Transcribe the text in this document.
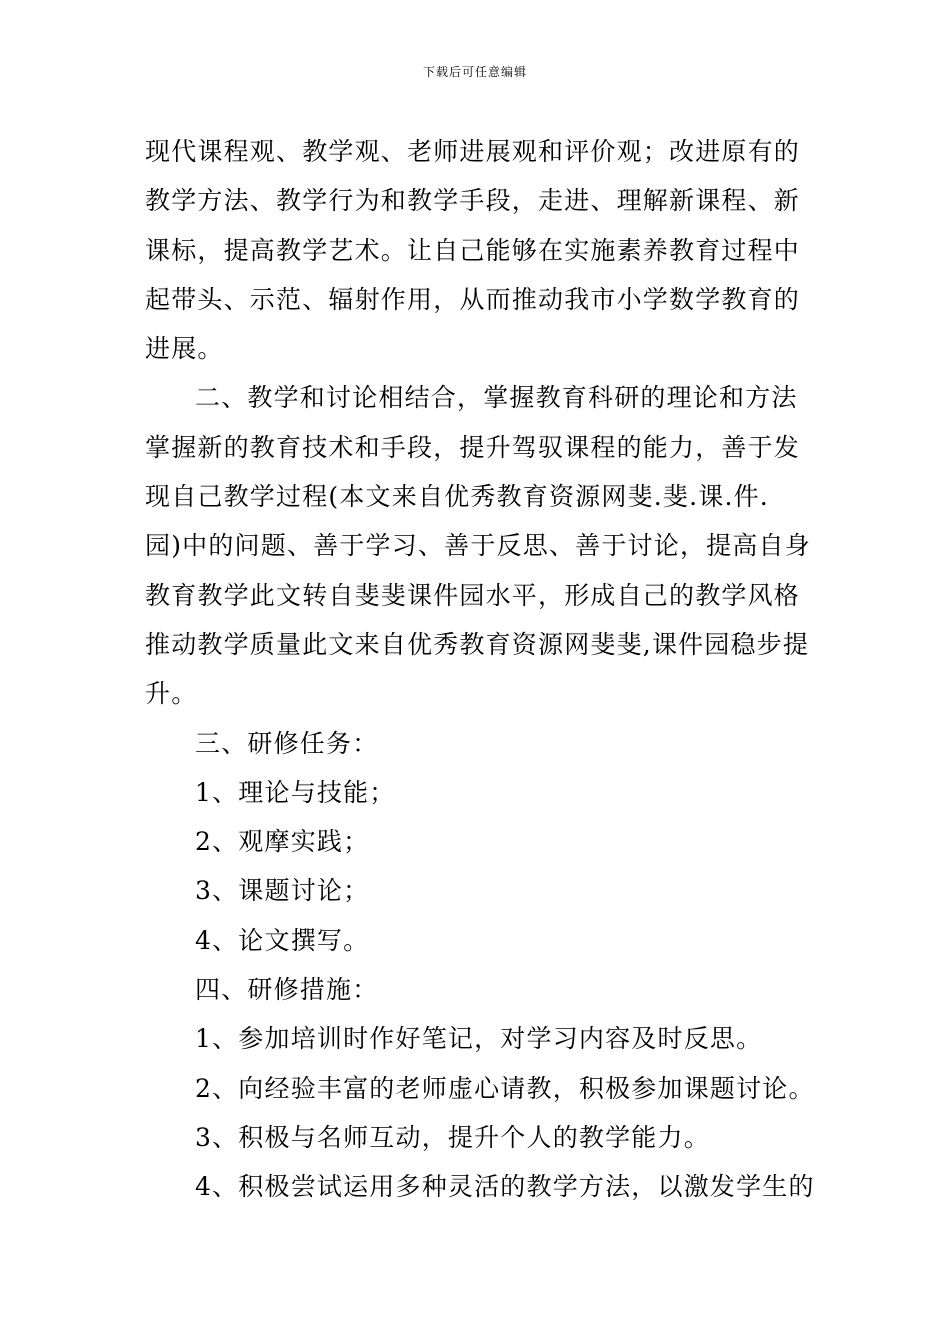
下载后可任意编辑
现代课程观、教学观、老师进展观和评价观；改进原有的
教学方法、教学行为和教学手段，走进、理解新课程、新
课标，提高教学艺术。让自己能够在实施素养教育过程中
起带头、示范、辐射作用，从而推动我市小学数学教育的
进展。
二、教学和讨论相结合，掌握教育科研的理论和方法
掌握新的教育技术和手段，提升驾驭课程的能力，善于发
现自己教学过程(本文来自优秀教育资源网斐.斐.课.件.
园)中的问题、善于学习、善于反思、善于讨论，提高自身
教育教学此文转自斐斐课件园水平，形成自己的教学风格
推动教学质量此文来自优秀教育资源网斐斐,课件园稳步提
升。
三、研修任务：
1、理论与技能；
2、观摩实践；
3、课题讨论；
4、论文撰写。
四、研修措施：
1、参加培训时作好笔记，对学习内容及时反思。
2、向经验丰富的老师虚心请教，积极参加课题讨论。
3、积极与名师互动，提升个人的教学能力。
4、积极尝试运用多种灵活的教学方法，以激发学生的
